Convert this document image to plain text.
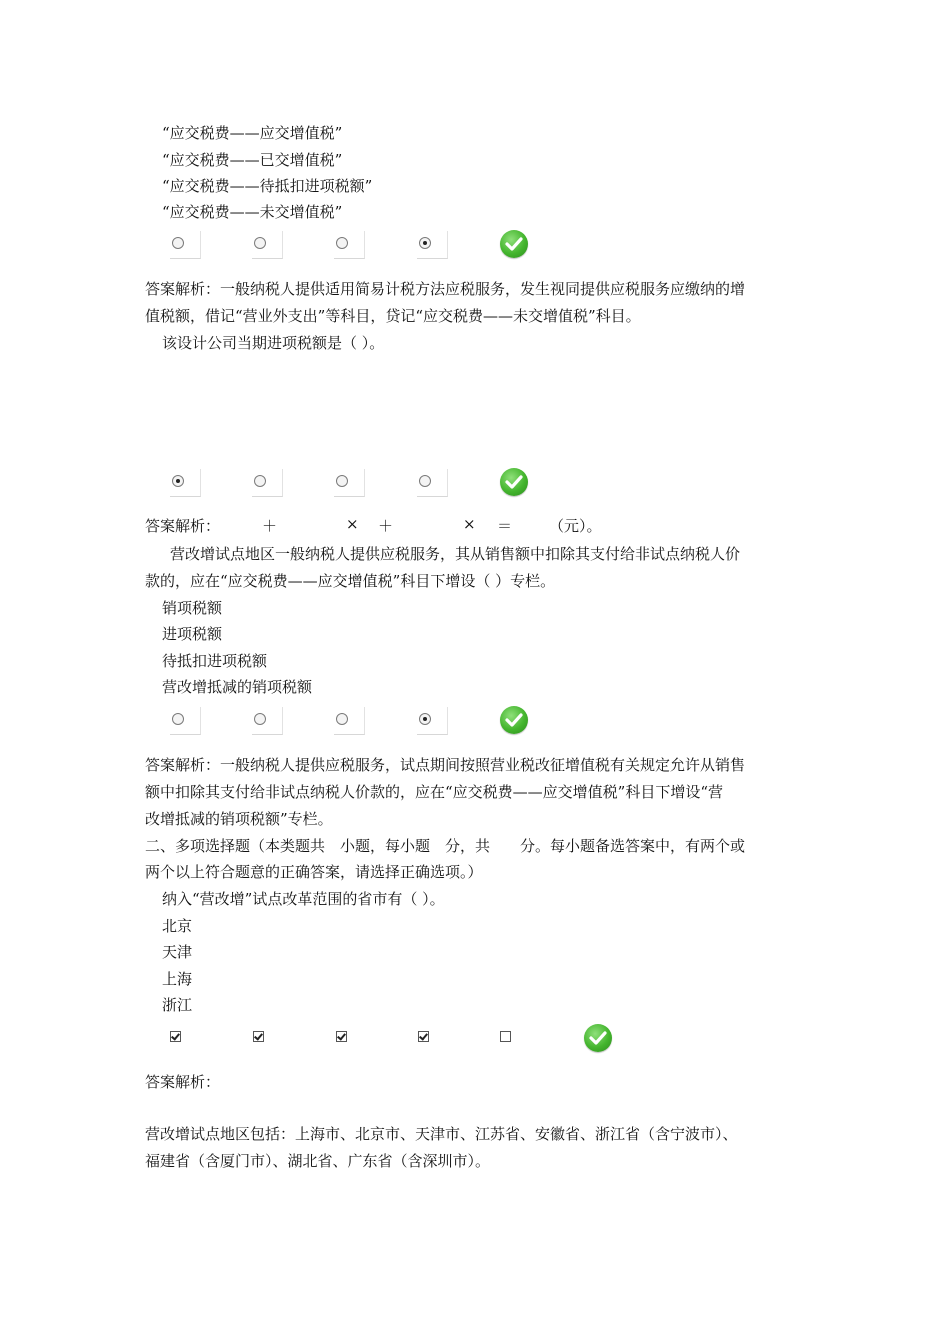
“应交税费——应交增值税”
“应交税费——已交增值税”
“应交税费——待抵扣进项税额”
“应交税费——未交增值税”
答案解析：一般纳税人提供适用简易计税方法应税服务，发生视同提供应税服务应缴纳的增
值税额，借记“营业外支出”等科目，贷记“应交税费——未交增值税”科目。
该设计公司当期进项税额是（ ）。
答案解析：	＋	× ＋	× ＝ （元）。
营改增试点地区一般纳税人提供应税服务，其从销售额中扣除其支付给非试点纳税人价
款的，应在“应交税费——应交增值税”科目下增设（ ）专栏。
销项税额
进项税额
待抵扣进项税额
营改增抵减的销项税额
答案解析：一般纳税人提供应税服务，试点期间按照营业税改征增值税有关规定允许从销售
额中扣除其支付给非试点纳税人价款的，应在“应交税费——应交增值税”科目下增设“营
改增抵减的销项税额”专栏。
二、多项选择题（本类题共　小题，每小题　分，共　　分。每小题备选答案中，有两个或
两个以上符合题意的正确答案，请选择正确选项。）
纳入“营改增”试点改革范围的省市有（ ）。
北京
天津
上海
浙江
答案解析：
营改增试点地区包括：上海市、北京市、天津市、江苏省、安徽省、浙江省（含宁波市）、
福建省（含厦门市）、湖北省、广东省（含深圳市）。
